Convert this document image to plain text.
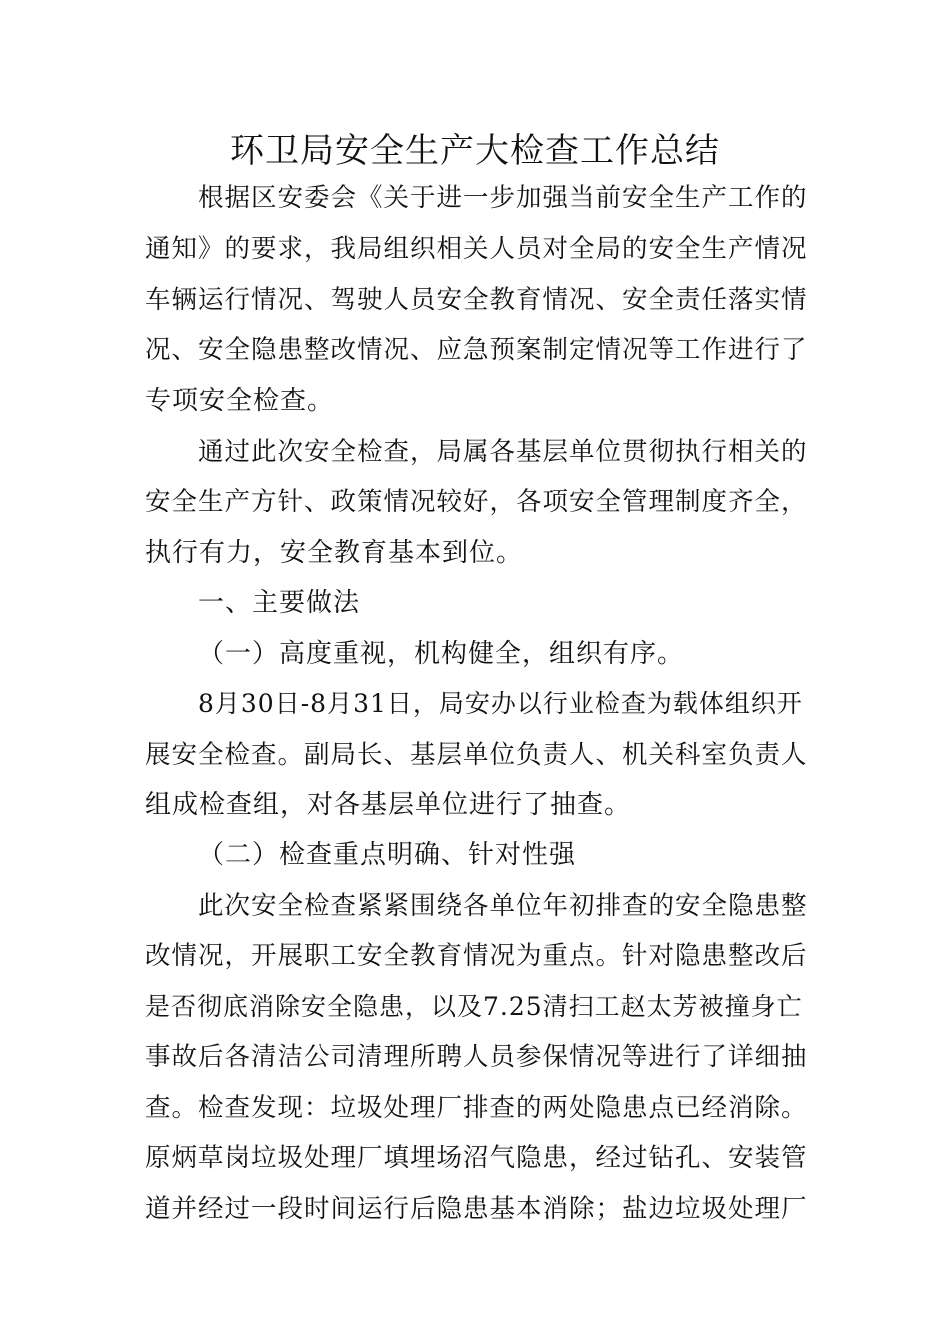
环卫局安全生产大检查工作总结
根据区安委会《关于进一步加强当前安全生产工作的
通知》的要求，我局组织相关人员对全局的安全生产情况
车辆运行情况、驾驶人员安全教育情况、安全责任落实情
况、安全隐患整改情况、应急预案制定情况等工作进行了
专项安全检查。
通过此次安全检查，局属各基层单位贯彻执行相关的
安全生产方针、政策情况较好，各项安全管理制度齐全，
执行有力，安全教育基本到位。
一、主要做法
（一）高度重视，机构健全，组织有序。
8月30日-8月31日，局安办以行业检查为载体组织开
展安全检查。副局长、基层单位负责人、机关科室负责人
组成检查组，对各基层单位进行了抽查。
（二）检查重点明确、针对性强
此次安全检查紧紧围绕各单位年初排查的安全隐患整
改情况，开展职工安全教育情况为重点。针对隐患整改后
是否彻底消除安全隐患，以及7.25清扫工赵太芳被撞身亡
事故后各清洁公司清理所聘人员参保情况等进行了详细抽
查。检查发现：垃圾处理厂排查的两处隐患点已经消除。
原炳草岗垃圾处理厂填埋场沼气隐患，经过钻孔、安装管
道并经过一段时间运行后隐患基本消除；盐边垃圾处理厂
